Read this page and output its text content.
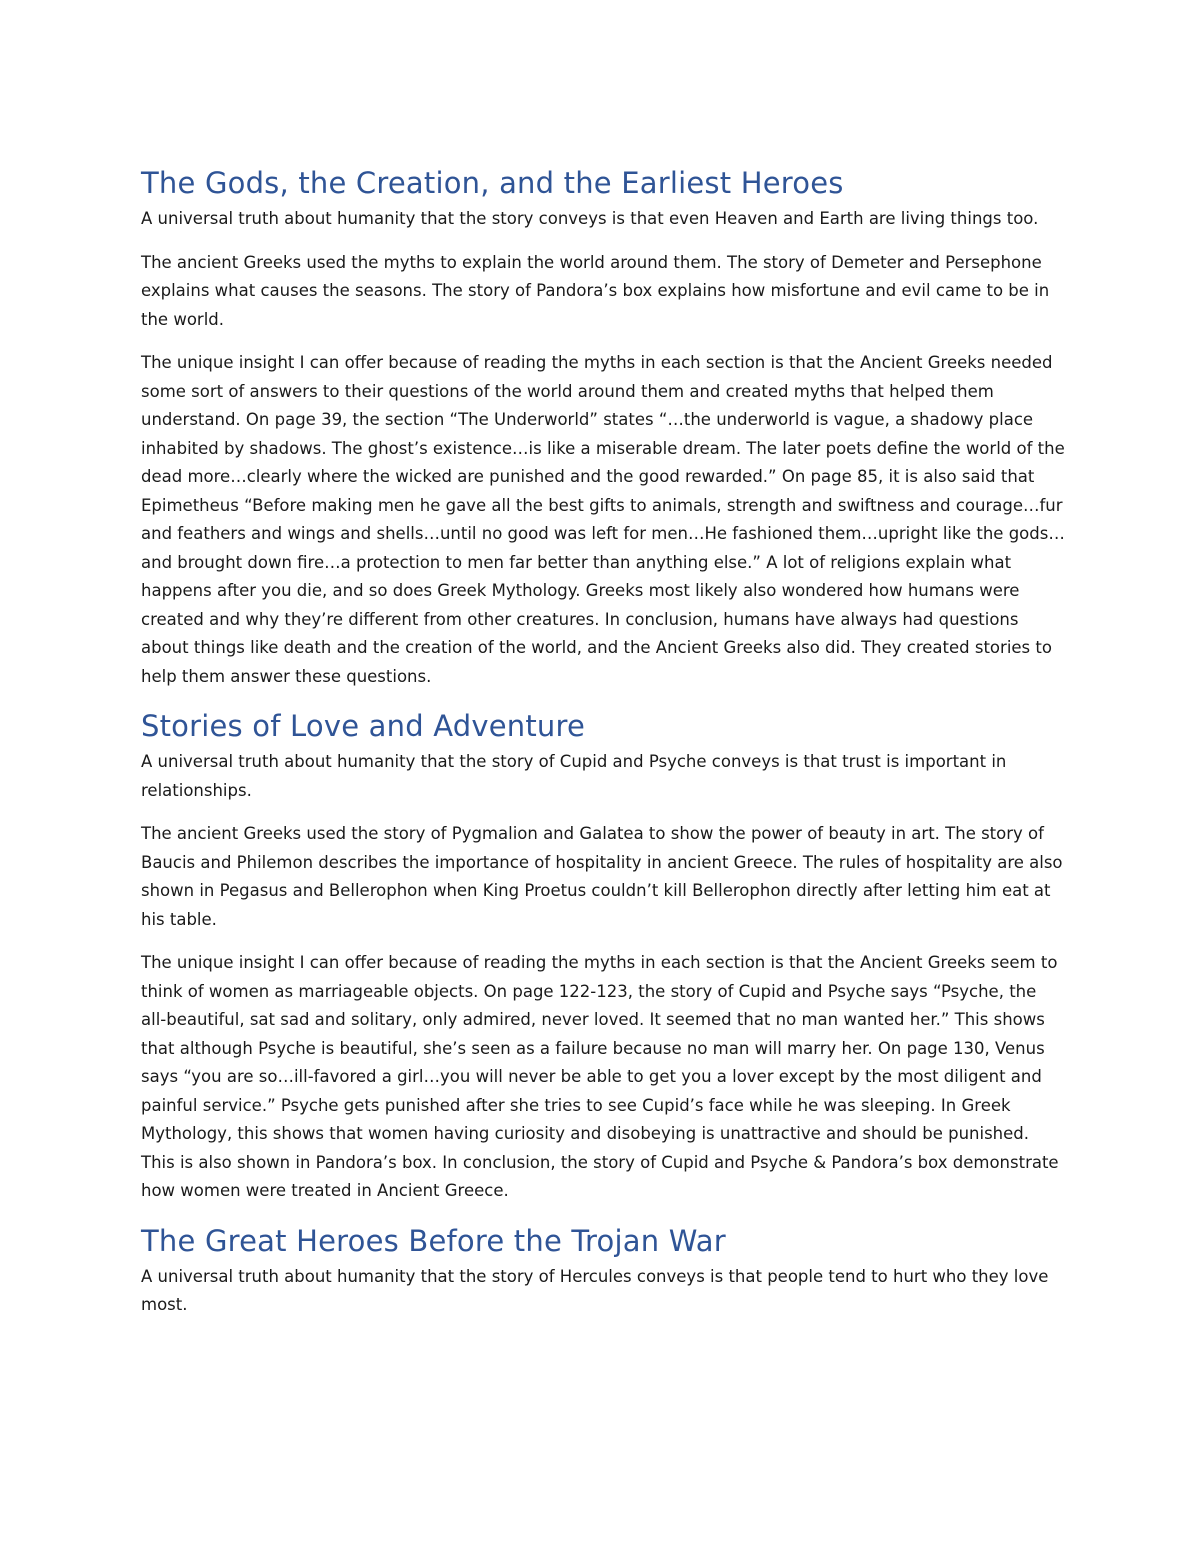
The Gods, the Creation, and the Earliest Heroes

A universal truth about humanity that the story conveys is that even Heaven and Earth are living things too.

The ancient Greeks used the myths to explain the world around them. The story of Demeter and Persephone explains what causes the seasons. The story of Pandora’s box explains how misfortune and evil came to be in the world.

The unique insight I can offer because of reading the myths in each section is that the Ancient Greeks needed some sort of answers to their questions of the world around them and created myths that helped them understand. On page 39, the section “The Underworld” states “…the underworld is vague, a shadowy place inhabited by shadows. The ghost’s existence…is like a miserable dream. The later poets define the world of the dead more…clearly where the wicked are punished and the good rewarded.” On page 85, it is also said that Epimetheus “Before making men he gave all the best gifts to animals, strength and swiftness and courage…fur and feathers and wings and shells…until no good was left for men…He fashioned them…upright like the gods…and brought down fire…a protection to men far better than anything else.” A lot of religions explain what happens after you die, and so does Greek Mythology. Greeks most likely also wondered how humans were created and why they’re different from other creatures. In conclusion, humans have always had questions about things like death and the creation of the world, and the Ancient Greeks also did. They created stories to help them answer these questions.

Stories of Love and Adventure

A universal truth about humanity that the story of Cupid and Psyche conveys is that trust is important in relationships.

The ancient Greeks used the story of Pygmalion and Galatea to show the power of beauty in art. The story of Baucis and Philemon describes the importance of hospitality in ancient Greece. The rules of hospitality are also shown in Pegasus and Bellerophon when King Proetus couldn’t kill Bellerophon directly after letting him eat at his table.

The unique insight I can offer because of reading the myths in each section is that the Ancient Greeks seem to think of women as marriageable objects. On page 122-123, the story of Cupid and Psyche says “Psyche, the all-beautiful, sat sad and solitary, only admired, never loved. It seemed that no man wanted her.” This shows that although Psyche is beautiful, she’s seen as a failure because no man will marry her. On page 130, Venus says “you are so…ill-favored a girl…you will never be able to get you a lover except by the most diligent and painful service.” Psyche gets punished after she tries to see Cupid’s face while he was sleeping. In Greek Mythology, this shows that women having curiosity and disobeying is unattractive and should be punished. This is also shown in Pandora’s box. In conclusion, the story of Cupid and Psyche & Pandora’s box demonstrate how women were treated in Ancient Greece.

The Great Heroes Before the Trojan War

A universal truth about humanity that the story of Hercules conveys is that people tend to hurt who they love most.
